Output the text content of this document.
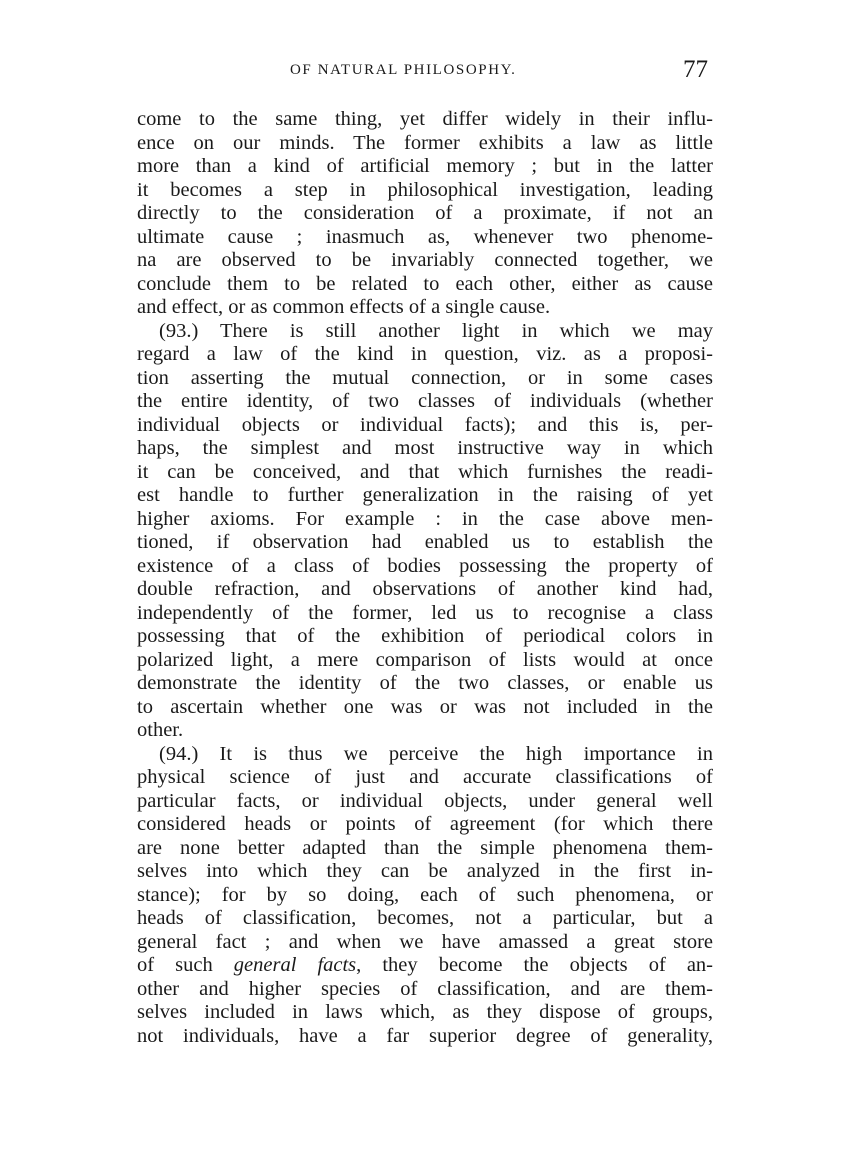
OF NATURAL PHILOSOPHY.	77
come to the same thing, yet differ widely in their influ-
ence on our minds. The former exhibits a law as little
more than a kind of artificial memory ; but in the latter
it becomes a step in philosophical investigation, leading
directly to the consideration of a proximate, if not an
ultimate cause ; inasmuch as, whenever two phenome-
na are observed to be invariably connected together, we
conclude them to be related to each other, either as cause
and effect, or as common effects of a single cause.
(93.) There is still another light in which we may
regard a law of the kind in question, viz. as a proposi-
tion asserting the mutual connection, or in some cases
the entire identity, of two classes of individuals (whether
individual objects or individual facts); and this is, per-
haps, the simplest and most instructive way in which
it can be conceived, and that which furnishes the readi-
est handle to further generalization in the raising of yet
higher axioms. For example : in the case above men-
tioned, if observation had enabled us to establish the
existence of a class of bodies possessing the property of
double refraction, and observations of another kind had,
independently of the former, led us to recognise a class
possessing that of the exhibition of periodical colors in
polarized light, a mere comparison of lists would at once
demonstrate the identity of the two classes, or enable us
to ascertain whether one was or was not included in the
other.
(94.) It is thus we perceive the high importance in
physical science of just and accurate classifications of
particular facts, or individual objects, under general well
considered heads or points of agreement (for which there
are none better adapted than the simple phenomena them-
selves into which they can be analyzed in the first in-
stance); for by so doing, each of such phenomena, or
heads of classification, becomes, not a particular, but a
general fact ; and when we have amassed a great store
of such general facts, they become the objects of an-
other and higher species of classification, and are them-
selves included in laws which, as they dispose of groups,
not individuals, have a far superior degree of generality,
